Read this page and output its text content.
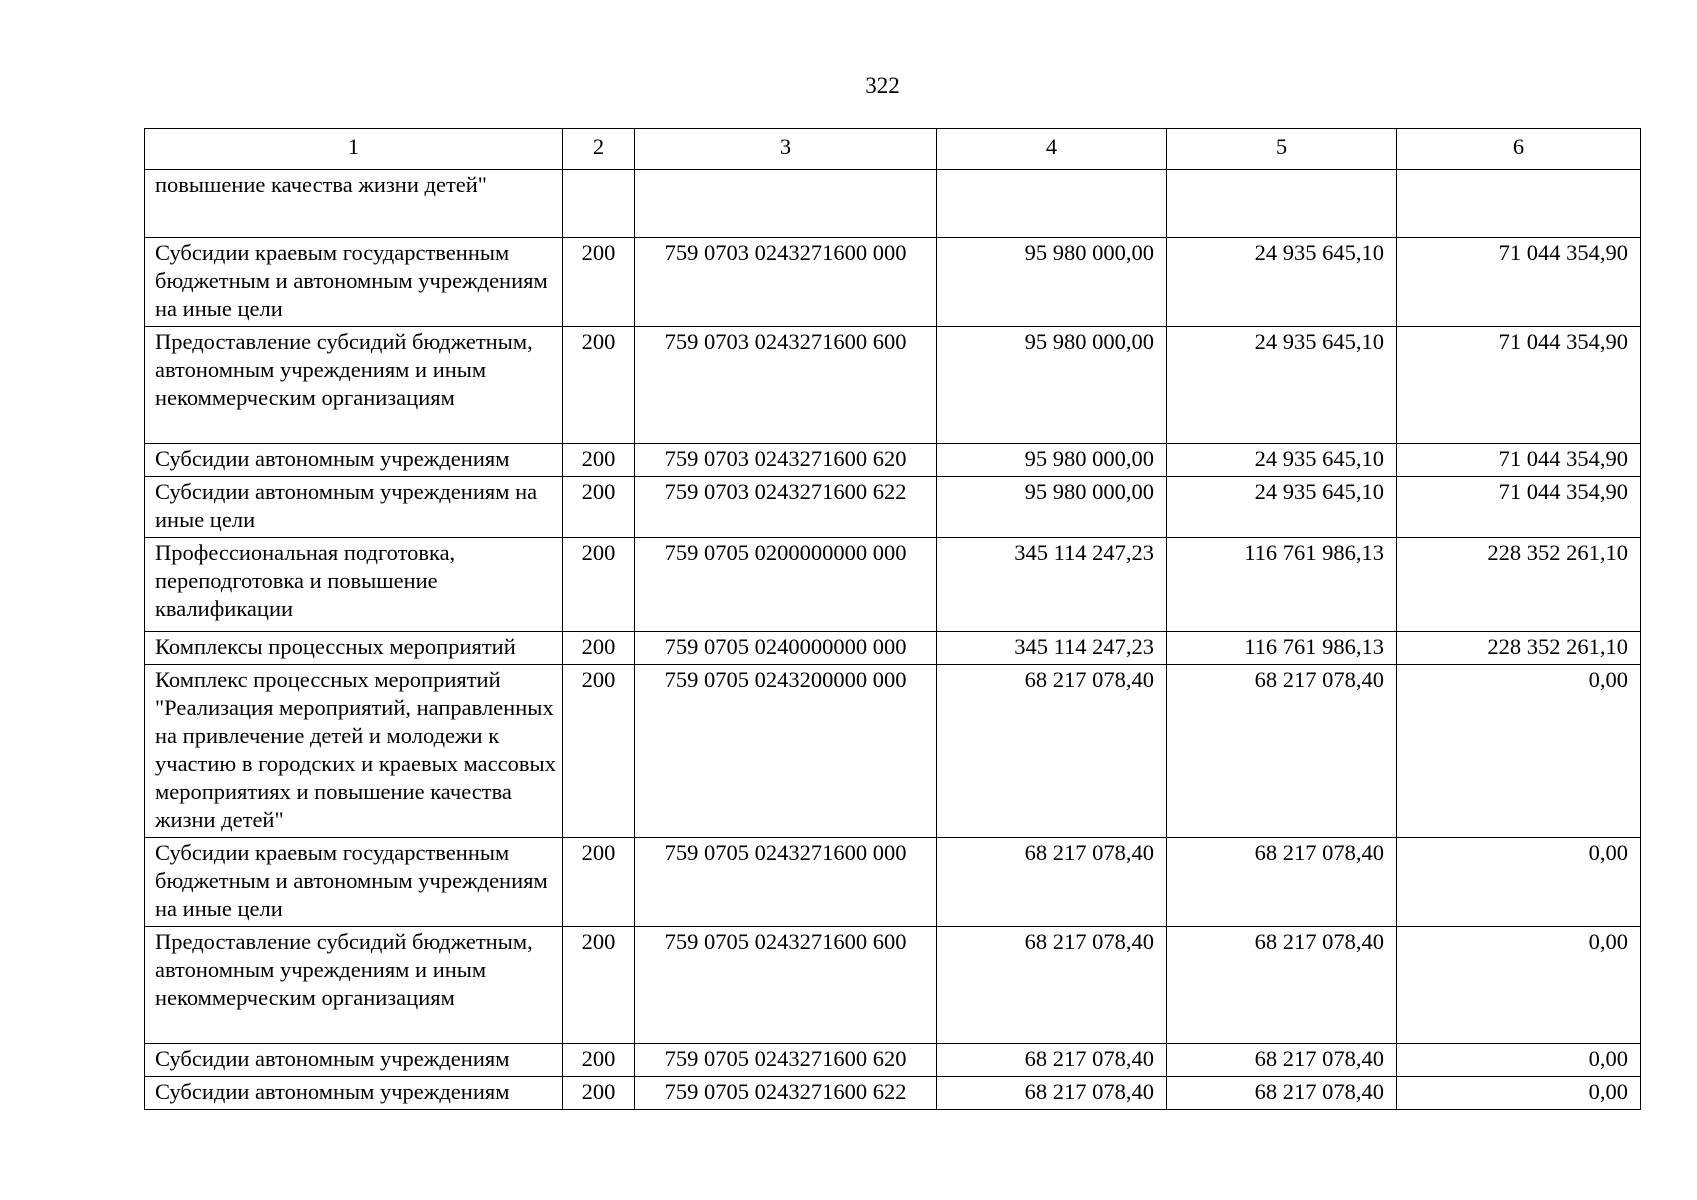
322
1	2	3	4	5	6
повышение качества жизни детей"					
Субсидии краевым государственным бюджетным и автономным учреждениям на иные цели	200	759 0703 0243271600 000	95 980 000,00	24 935 645,10	71 044 354,90
Предоставление субсидий бюджетным, автономным учреждениям и иным некоммерческим организациям	200	759 0703 0243271600 600	95 980 000,00	24 935 645,10	71 044 354,90
Субсидии автономным учреждениям	200	759 0703 0243271600 620	95 980 000,00	24 935 645,10	71 044 354,90
Субсидии автономным учреждениям на иные цели	200	759 0703 0243271600 622	95 980 000,00	24 935 645,10	71 044 354,90
Профессиональная подготовка, переподготовка и повышение квалификации	200	759 0705 0200000000 000	345 114 247,23	116 761 986,13	228 352 261,10
Комплексы процессных мероприятий	200	759 0705 0240000000 000	345 114 247,23	116 761 986,13	228 352 261,10
Комплекс процессных мероприятий "Реализация мероприятий, направленных на привлечение детей и молодежи к участию в городских и краевых массовых мероприятиях и повышение качества жизни детей"	200	759 0705 0243200000 000	68 217 078,40	68 217 078,40	0,00
Субсидии краевым государственным бюджетным и автономным учреждениям на иные цели	200	759 0705 0243271600 000	68 217 078,40	68 217 078,40	0,00
Предоставление субсидий бюджетным, автономным учреждениям и иным некоммерческим организациям	200	759 0705 0243271600 600	68 217 078,40	68 217 078,40	0,00
Субсидии автономным учреждениям	200	759 0705 0243271600 620	68 217 078,40	68 217 078,40	0,00
Субсидии автономным учреждениям	200	759 0705 0243271600 622	68 217 078,40	68 217 078,40	0,00
